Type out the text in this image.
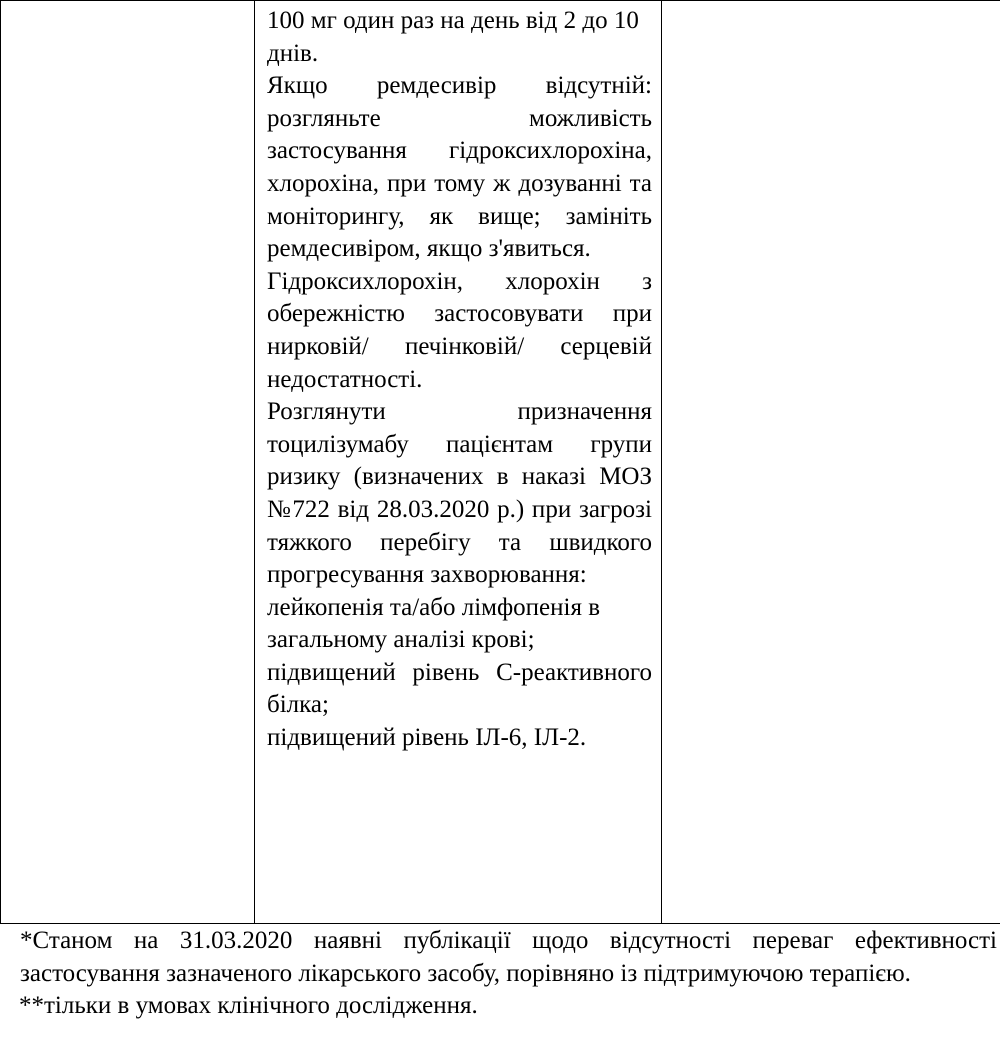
100 мг один раз на день від 2 до 10 днів.

Якщо ремдесивір відсутній: розгляньте можливість застосування гідроксихлорохіна, хлорохіна, при тому ж дозуванні та моніторингу, як вище; замініть ремдесивіром, якщо з'явиться.

Гідроксихлорохін, хлорохін з обережністю застосовувати при нирковій/ печінковій/ серцевій недостатності.

Розглянути призначення тоцилізумабу пацієнтам групи ризику (визначених в наказі МОЗ №722 від 28.03.2020 р.) при загрозі тяжкого перебігу та швидкого прогресування захворювання:

лейкопенія та/або лімфопенія в загальному аналізі крові;

підвищений рівень С-реактивного білка;

підвищений рівень ІЛ-6, ІЛ-2.

*Станом на 31.03.2020 наявні публікації щодо відсутності переваг ефективності застосування зазначеного лікарського засобу, порівняно із підтримуючою терапією.

**тільки в умовах клінічного дослідження.
